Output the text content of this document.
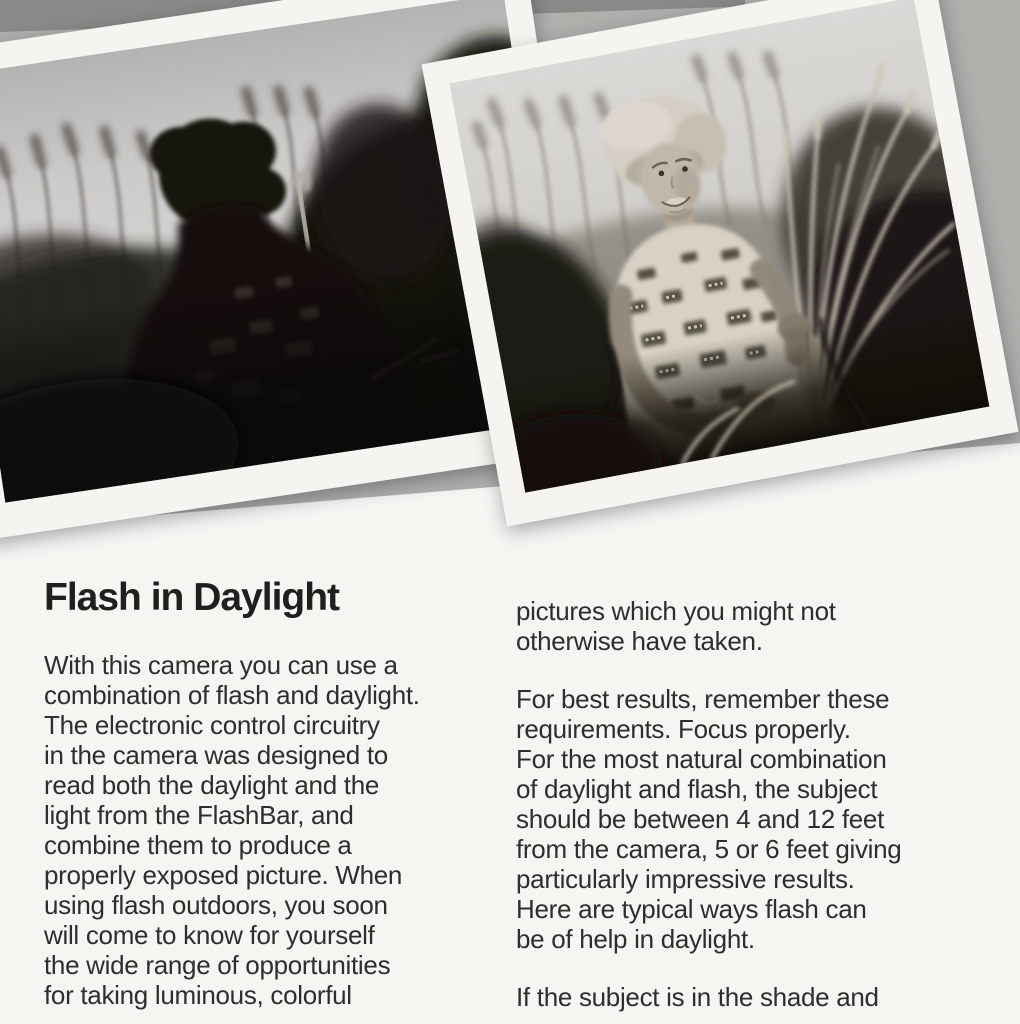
Flash in Daylight
With this camera you can use a
combination of flash and daylight.
The electronic control circuitry
in the camera was designed to
read both the daylight and the
light from the FlashBar, and
combine them to produce a
properly exposed picture. When
using flash outdoors, you soon
will come to know for yourself
the wide range of opportunities
for taking luminous, colorful
pictures which you might not
otherwise have taken.
For best results, remember these
requirements. Focus properly.
For the most natural combination
of daylight and flash, the subject
should be between 4 and 12 feet
from the camera, 5 or 6 feet giving
particularly impressive results.
Here are typical ways flash can
be of help in daylight.
If the subject is in the shade and
